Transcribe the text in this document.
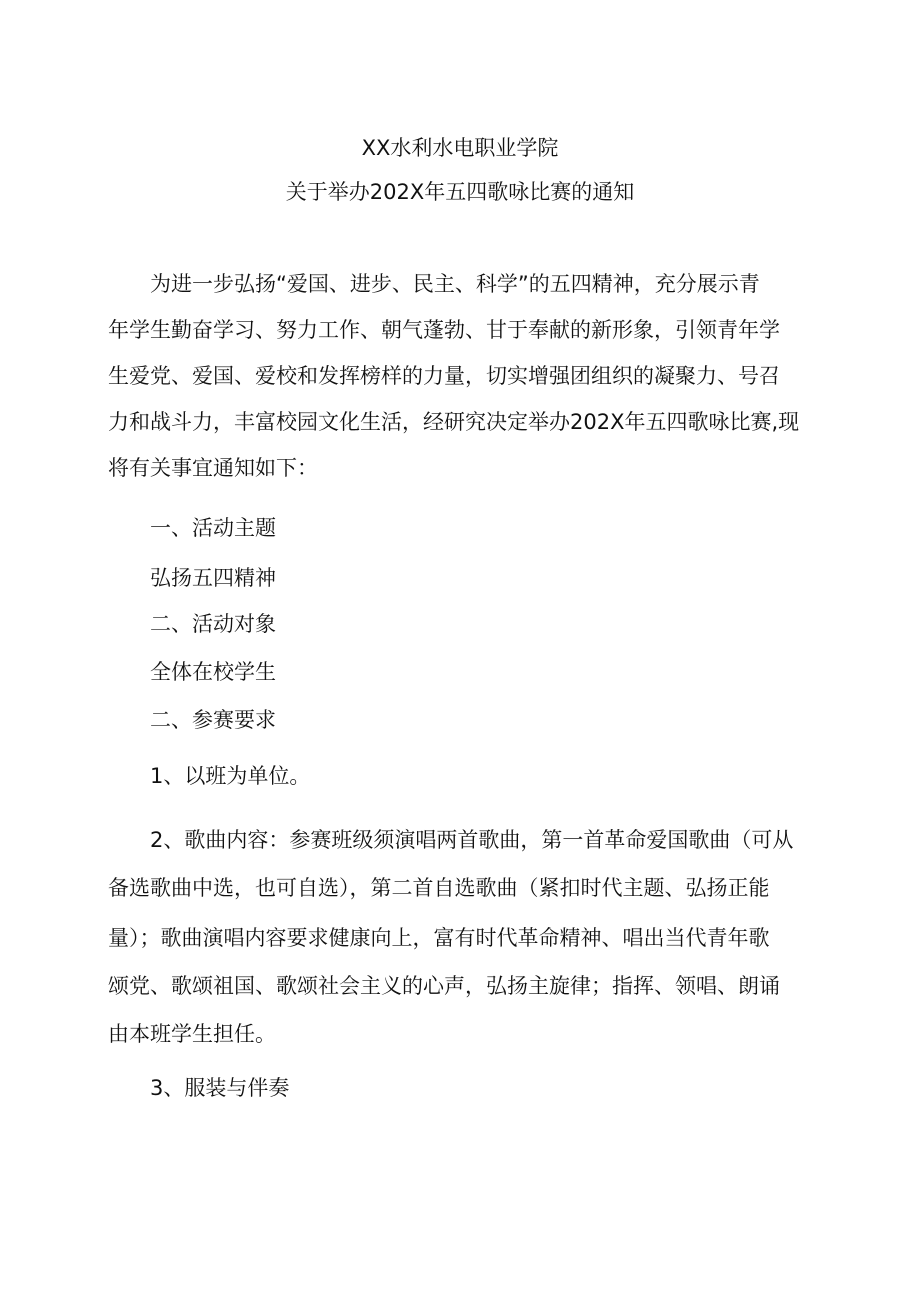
XX水利水电职业学院
关于举办202X年五四歌咏比赛的通知

为进一步弘扬“爱国、进步、民主、科学”的五四精神，充分展示青

年学生勤奋学习、努力工作、朝气蓬勃、甘于奉献的新形象，引领青年学

生爱党、爱国、爱校和发挥榜样的力量，切实增强团组织的凝聚力、号召

力和战斗力，丰富校园文化生活，经研究决定举办202X年五四歌咏比赛,现

将有关事宜通知如下：

一、活动主题

弘扬五四精神

二、活动对象

全体在校学生

二、参赛要求

1、以班为单位。

2、歌曲内容：参赛班级须演唱两首歌曲，第一首革命爱国歌曲（可从

备选歌曲中选，也可自选），第二首自选歌曲（紧扣时代主题、弘扬正能

量）；歌曲演唱内容要求健康向上，富有时代革命精神、唱出当代青年歌

颂党、歌颂祖国、歌颂社会主义的心声，弘扬主旋律；指挥、领唱、朗诵

由本班学生担任。

3、服装与伴奏
